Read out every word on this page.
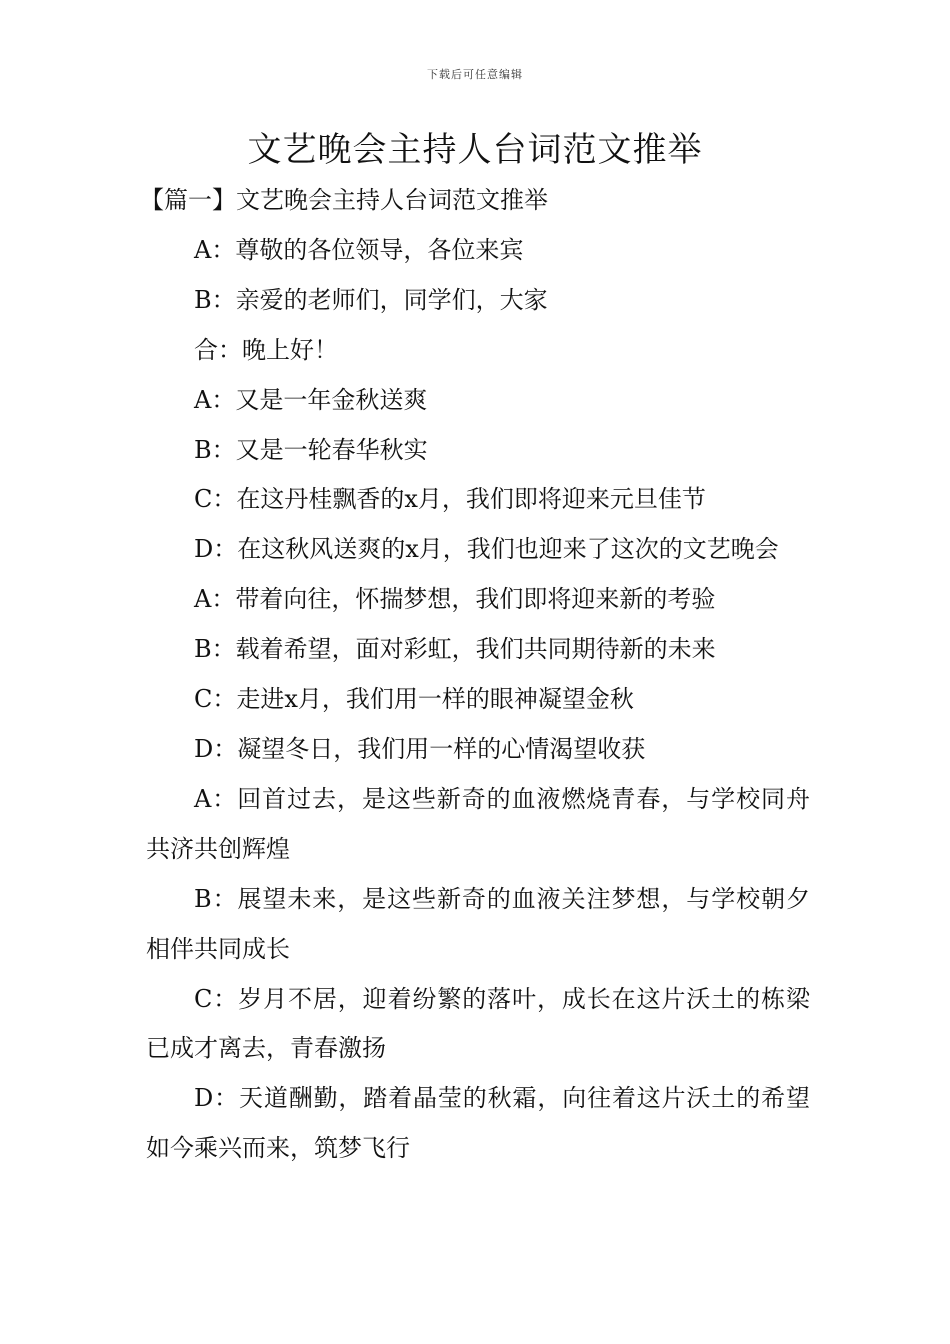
下载后可任意编辑
文艺晚会主持人台词范文推举

【篇一】文艺晚会主持人台词范文推举

A：尊敬的各位领导，各位来宾

B：亲爱的老师们，同学们，大家

合：晚上好！

A：又是一年金秋送爽

B：又是一轮春华秋实

C：在这丹桂飘香的x月，我们即将迎来元旦佳节

D：在这秋风送爽的x月，我们也迎来了这次的文艺晚会

A：带着向往，怀揣梦想，我们即将迎来新的考验

B：载着希望，面对彩虹，我们共同期待新的未来

C：走进x月，我们用一样的眼神凝望金秋

D：凝望冬日，我们用一样的心情渴望收获

A：回首过去，是这些新奇的血液燃烧青春，与学校同舟共济共创辉煌

B：展望未来，是这些新奇的血液关注梦想，与学校朝夕相伴共同成长

C：岁月不居，迎着纷繁的落叶，成长在这片沃土的栋梁已成才离去，青春激扬

D：天道酬勤，踏着晶莹的秋霜，向往着这片沃土的希望如今乘兴而来，筑梦飞行
